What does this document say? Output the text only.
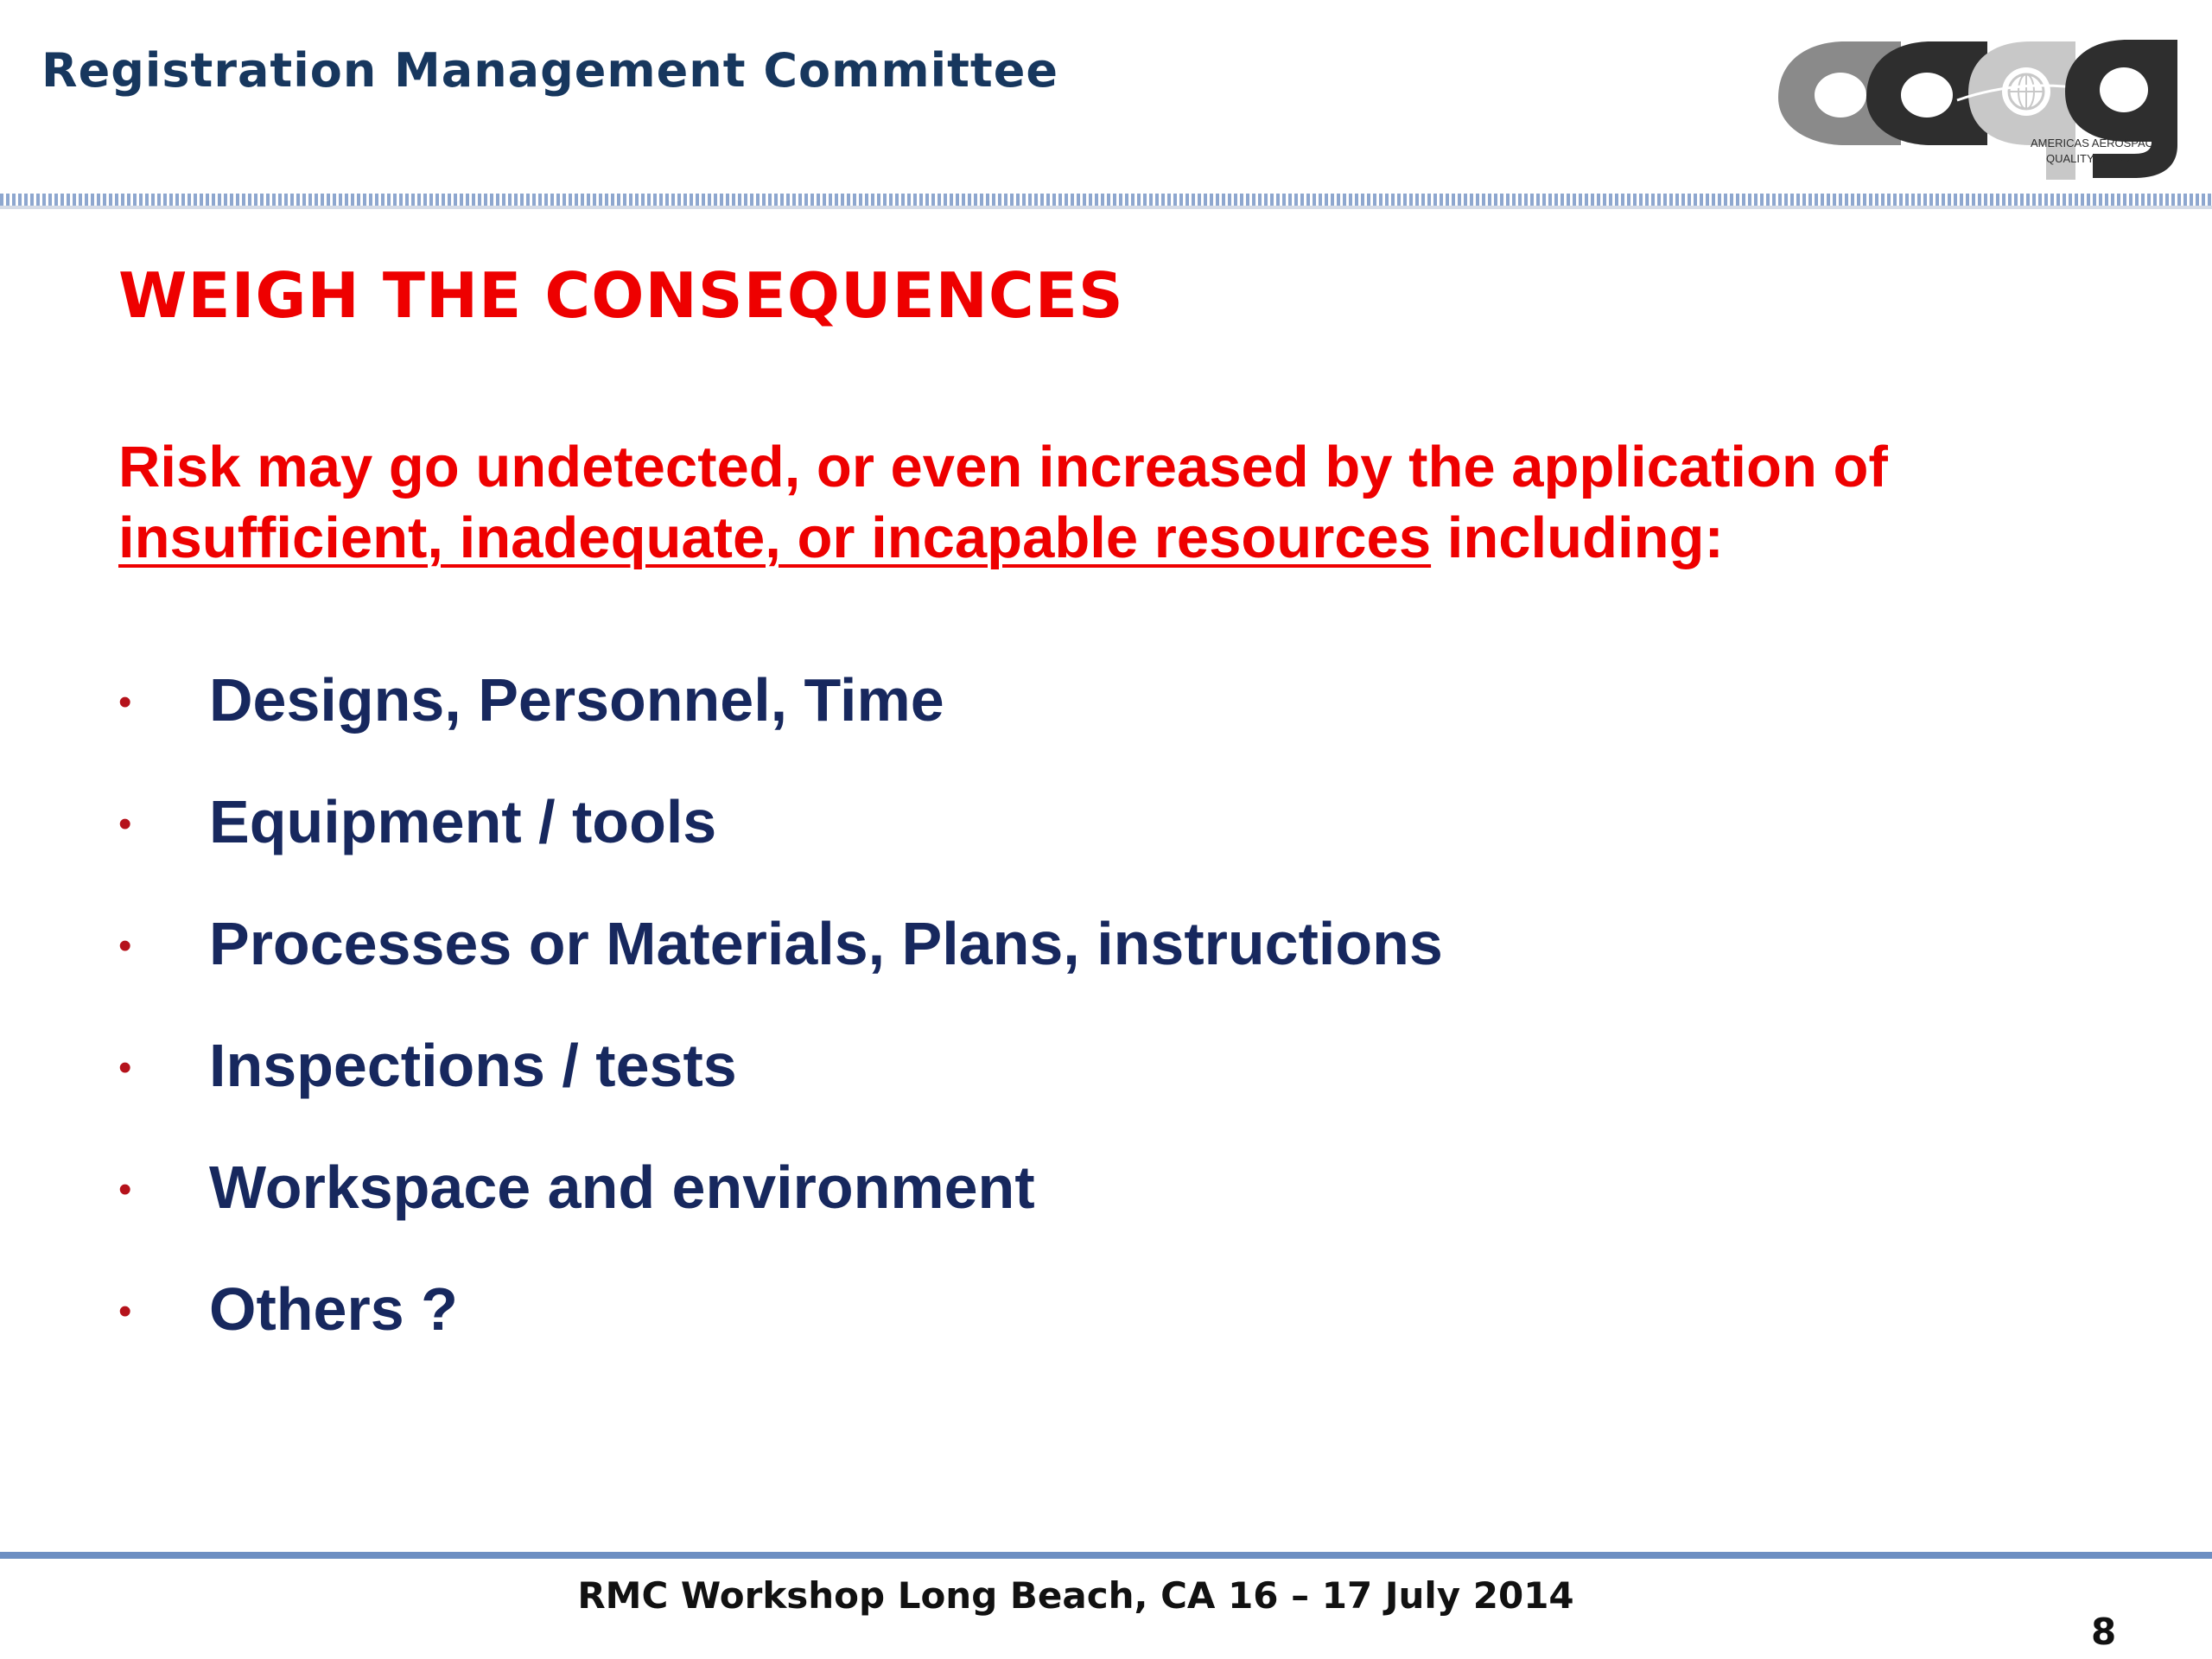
Registration Management Committee
AMERICAS AEROSPACE
QUALITY GROUP
WEIGH THE CONSEQUENCES
Risk may go undetected, or even increased by the application of insufficient, inadequate, or incapable resources including:
• Designs, Personnel, Time
• Equipment / tools
• Processes or Materials, Plans, instructions
• Inspections / tests
• Workspace and environment
• Others ?
RMC Workshop Long Beach, CA 16 – 17 July 2014
8
